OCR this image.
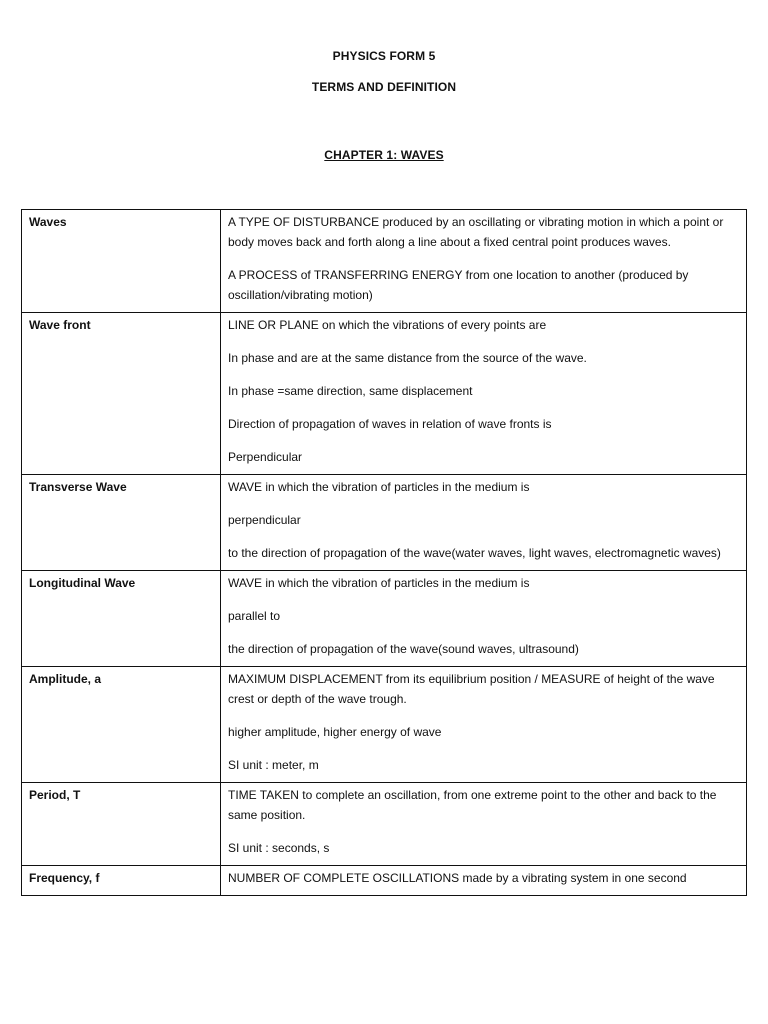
PHYSICS FORM 5
TERMS AND DEFINITION
CHAPTER 1: WAVES
Waves	A TYPE OF DISTURBANCE produced by an oscillating or vibrating motion in which a point or body moves back and forth along a line about a fixed central point produces waves.

A PROCESS of TRANSFERRING ENERGY from one location to another (produced by oscillation/vibrating motion)

Wave front	LINE OR PLANE on which the vibrations of every points are

In phase and are at the same distance from the source of the wave.

In phase =same direction, same displacement

Direction of propagation of waves in relation of wave fronts is

Perpendicular

Transverse Wave	WAVE in which the vibration of particles in the medium is

perpendicular

to the direction of propagation of the wave(water waves, light waves, electromagnetic waves)

Longitudinal Wave	WAVE in which the vibration of particles in the medium is

parallel to

the direction of propagation of the wave(sound waves, ultrasound)

Amplitude, a	MAXIMUM DISPLACEMENT from its equilibrium position / MEASURE of height of the wave crest or depth of the wave trough.

higher amplitude, higher energy of wave

SI unit : meter, m

Period, T	TIME TAKEN to complete an oscillation, from one extreme point to the other and back to the same position.

SI unit : seconds, s

Frequency, f	NUMBER OF COMPLETE OSCILLATIONS made by a vibrating system in one second
